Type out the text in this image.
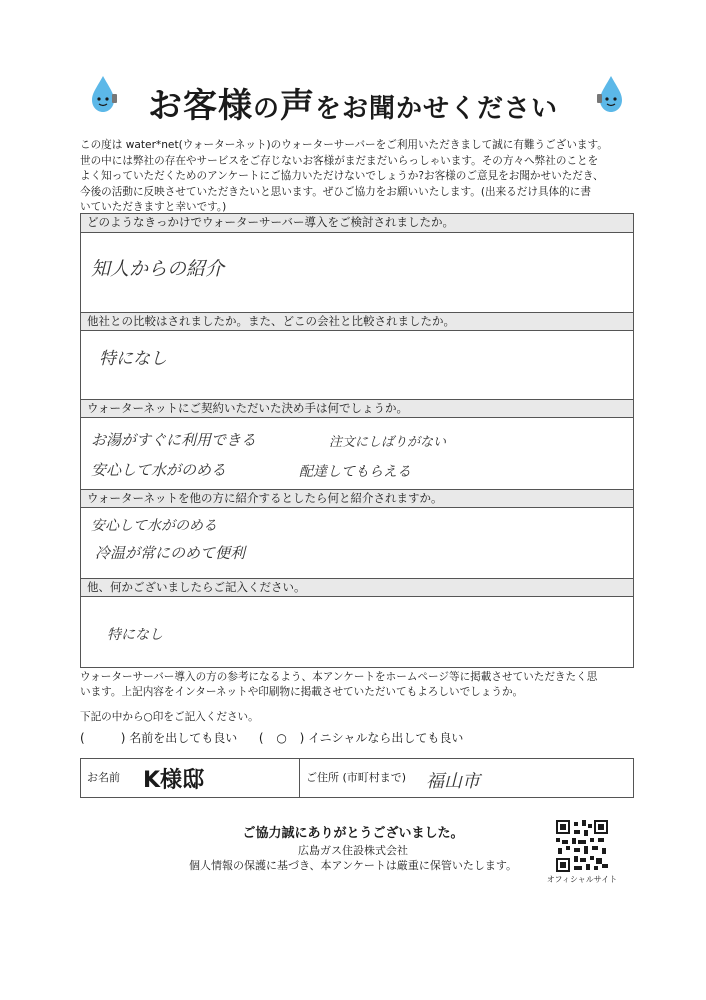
お客様の声をお聞かせください
この度は water*net(ウォーターネット)のウォーターサーバーをご利用いただきまして誠に有難うございます。
世の中には弊社の存在やサービスをご存じないお客様がまだまだいらっしゃいます。その方々へ弊社のことを
よく知っていただくためのアンケートにご協力いただけないでしょうか?お客様のご意見をお聞かせいただき、
今後の活動に反映させていただきたいと思います。ぜひご協力をお願いいたします。(出来るだけ具体的に書
いていただきますと幸いです。)
どのようなきっかけでウォーターサーバー導入をご検討されましたか。
知人からの紹介
他社との比較はされましたか。また、どこの会社と比較されましたか。
特になし
ウォーターネットにご契約いただいた決め手は何でしょうか。
お湯がすぐに利用できる	注文にしばりがない
安心して水がのめる	配達してもらえる
ウォーターネットを他の方に紹介するとしたら何と紹介されますか。
安心して水がのめる
冷温が常にのめて便利
他、何かございましたらご記入ください。
特になし
ウォーターサーバー導入の方の参考になるよう、本アンケートをホームページ等に掲載させていただきたく思
います。上記内容をインターネットや印刷物に掲載させていただいてもよろしいでしょうか。
下記の中から○印をご記入ください。
(	) 名前を出しても良い ( ○ ) イニシャルなら出しても良い
お名前 K様邸	ご住所 (市町村まで) 福山市
ご協力誠にありがとうございました。
広島ガス住設株式会社
個人情報の保護に基づき、本アンケートは厳重に保管いたします。
オフィシャルサイト
